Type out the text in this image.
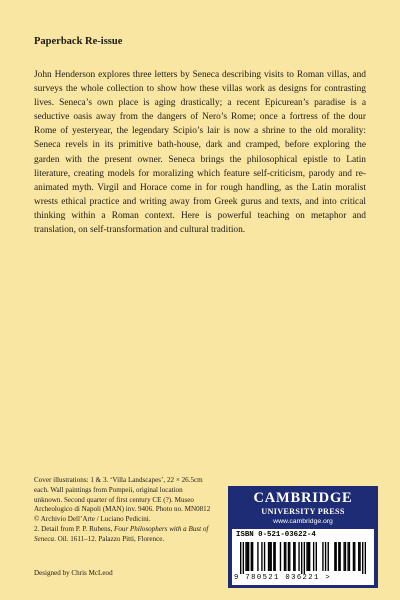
Paperback Re-issue

John Henderson explores three letters by Seneca describing visits to Roman villas, and surveys the whole collection to show how these villas work as designs for contrasting lives. Seneca’s own place is aging drastically; a recent Epicurean’s paradise is a seductive oasis away from the dangers of Nero’s Rome; once a fortress of the dour Rome of yesteryear, the legendary Scipio’s lair is now a shrine to the old morality: Seneca revels in its primitive bath-house, dark and cramped, before exploring the garden with the present owner. Seneca brings the philosophical epistle to Latin literature, creating models for moralizing which feature self-criticism, parody and re-animated myth. Virgil and Horace come in for rough handling, as the Latin moralist wrests ethical practice and writing away from Greek gurus and texts, and into critical thinking within a Roman context. Here is powerful teaching on metaphor and translation, on self-transformation and cultural tradition.

Cover illustrations: 1 & 3. ‘Villa Landscapes’, 22 × 26.5cm each. Wall paintings from Pompeii, original location unknown. Second quarter of first century CE (?). Museo Archeologico di Napoli (MAN) inv. 9406. Photo no. MN0812 © Archivio Dell’Arte / Luciano Pedicini.
2. Detail from P. P. Rubens, Four Philosophers with a Bust of Seneca. Oil. 1611–12. Palazzo Pitti, Florence.

Designed by Chris McLeod

CAMBRIDGE
UNIVERSITY PRESS
www.cambridge.org
ISBN 0-521-03622-4
9 780521 036221 >
